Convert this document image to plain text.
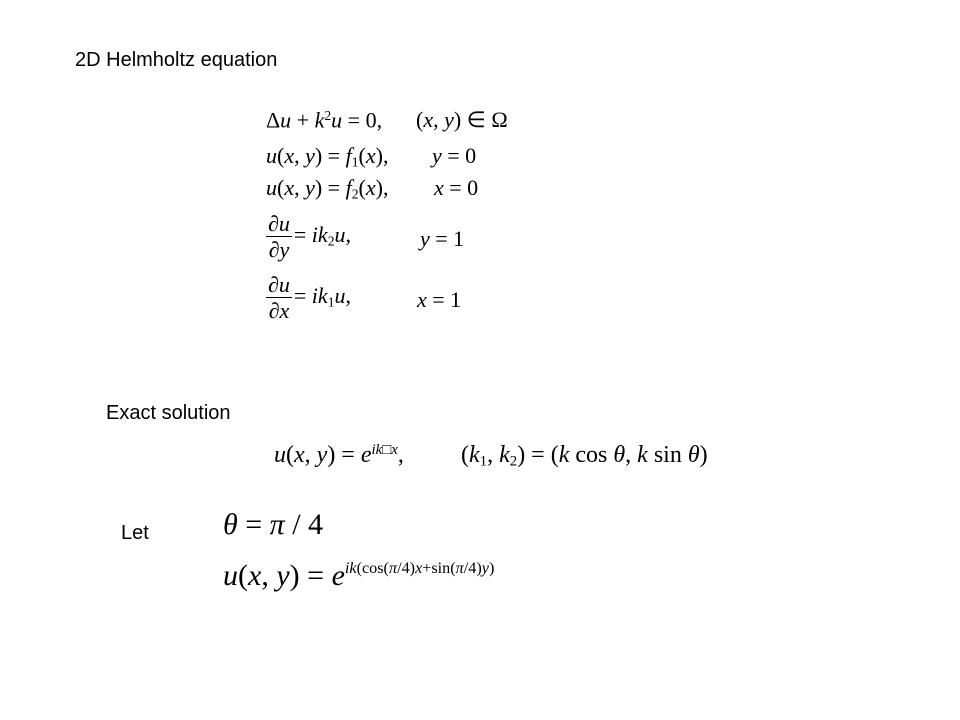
2D Helmholtz equation
$\Delta u + k^2u = 0$, (x, y) ∈ Ω
u(x, $y) = f_1(x)$, y = 0
u(x, $y) = f_2(x)$, x = 0
$\frac{\partial u}{\partial y} = ik_2u$,	y = 1
$\frac{\partial u}{\partial x} = ik_1u$,	x = 1
Exact solution
u(x, $y) = e^{ik□x}$, ($k_1$, $k_2) = (k$ cos θ, k sin θ)
Let θ = π / 4
u(x, $y) = e^{ik(cos(\pi/4)x+sin(\pi/4)y)}$
